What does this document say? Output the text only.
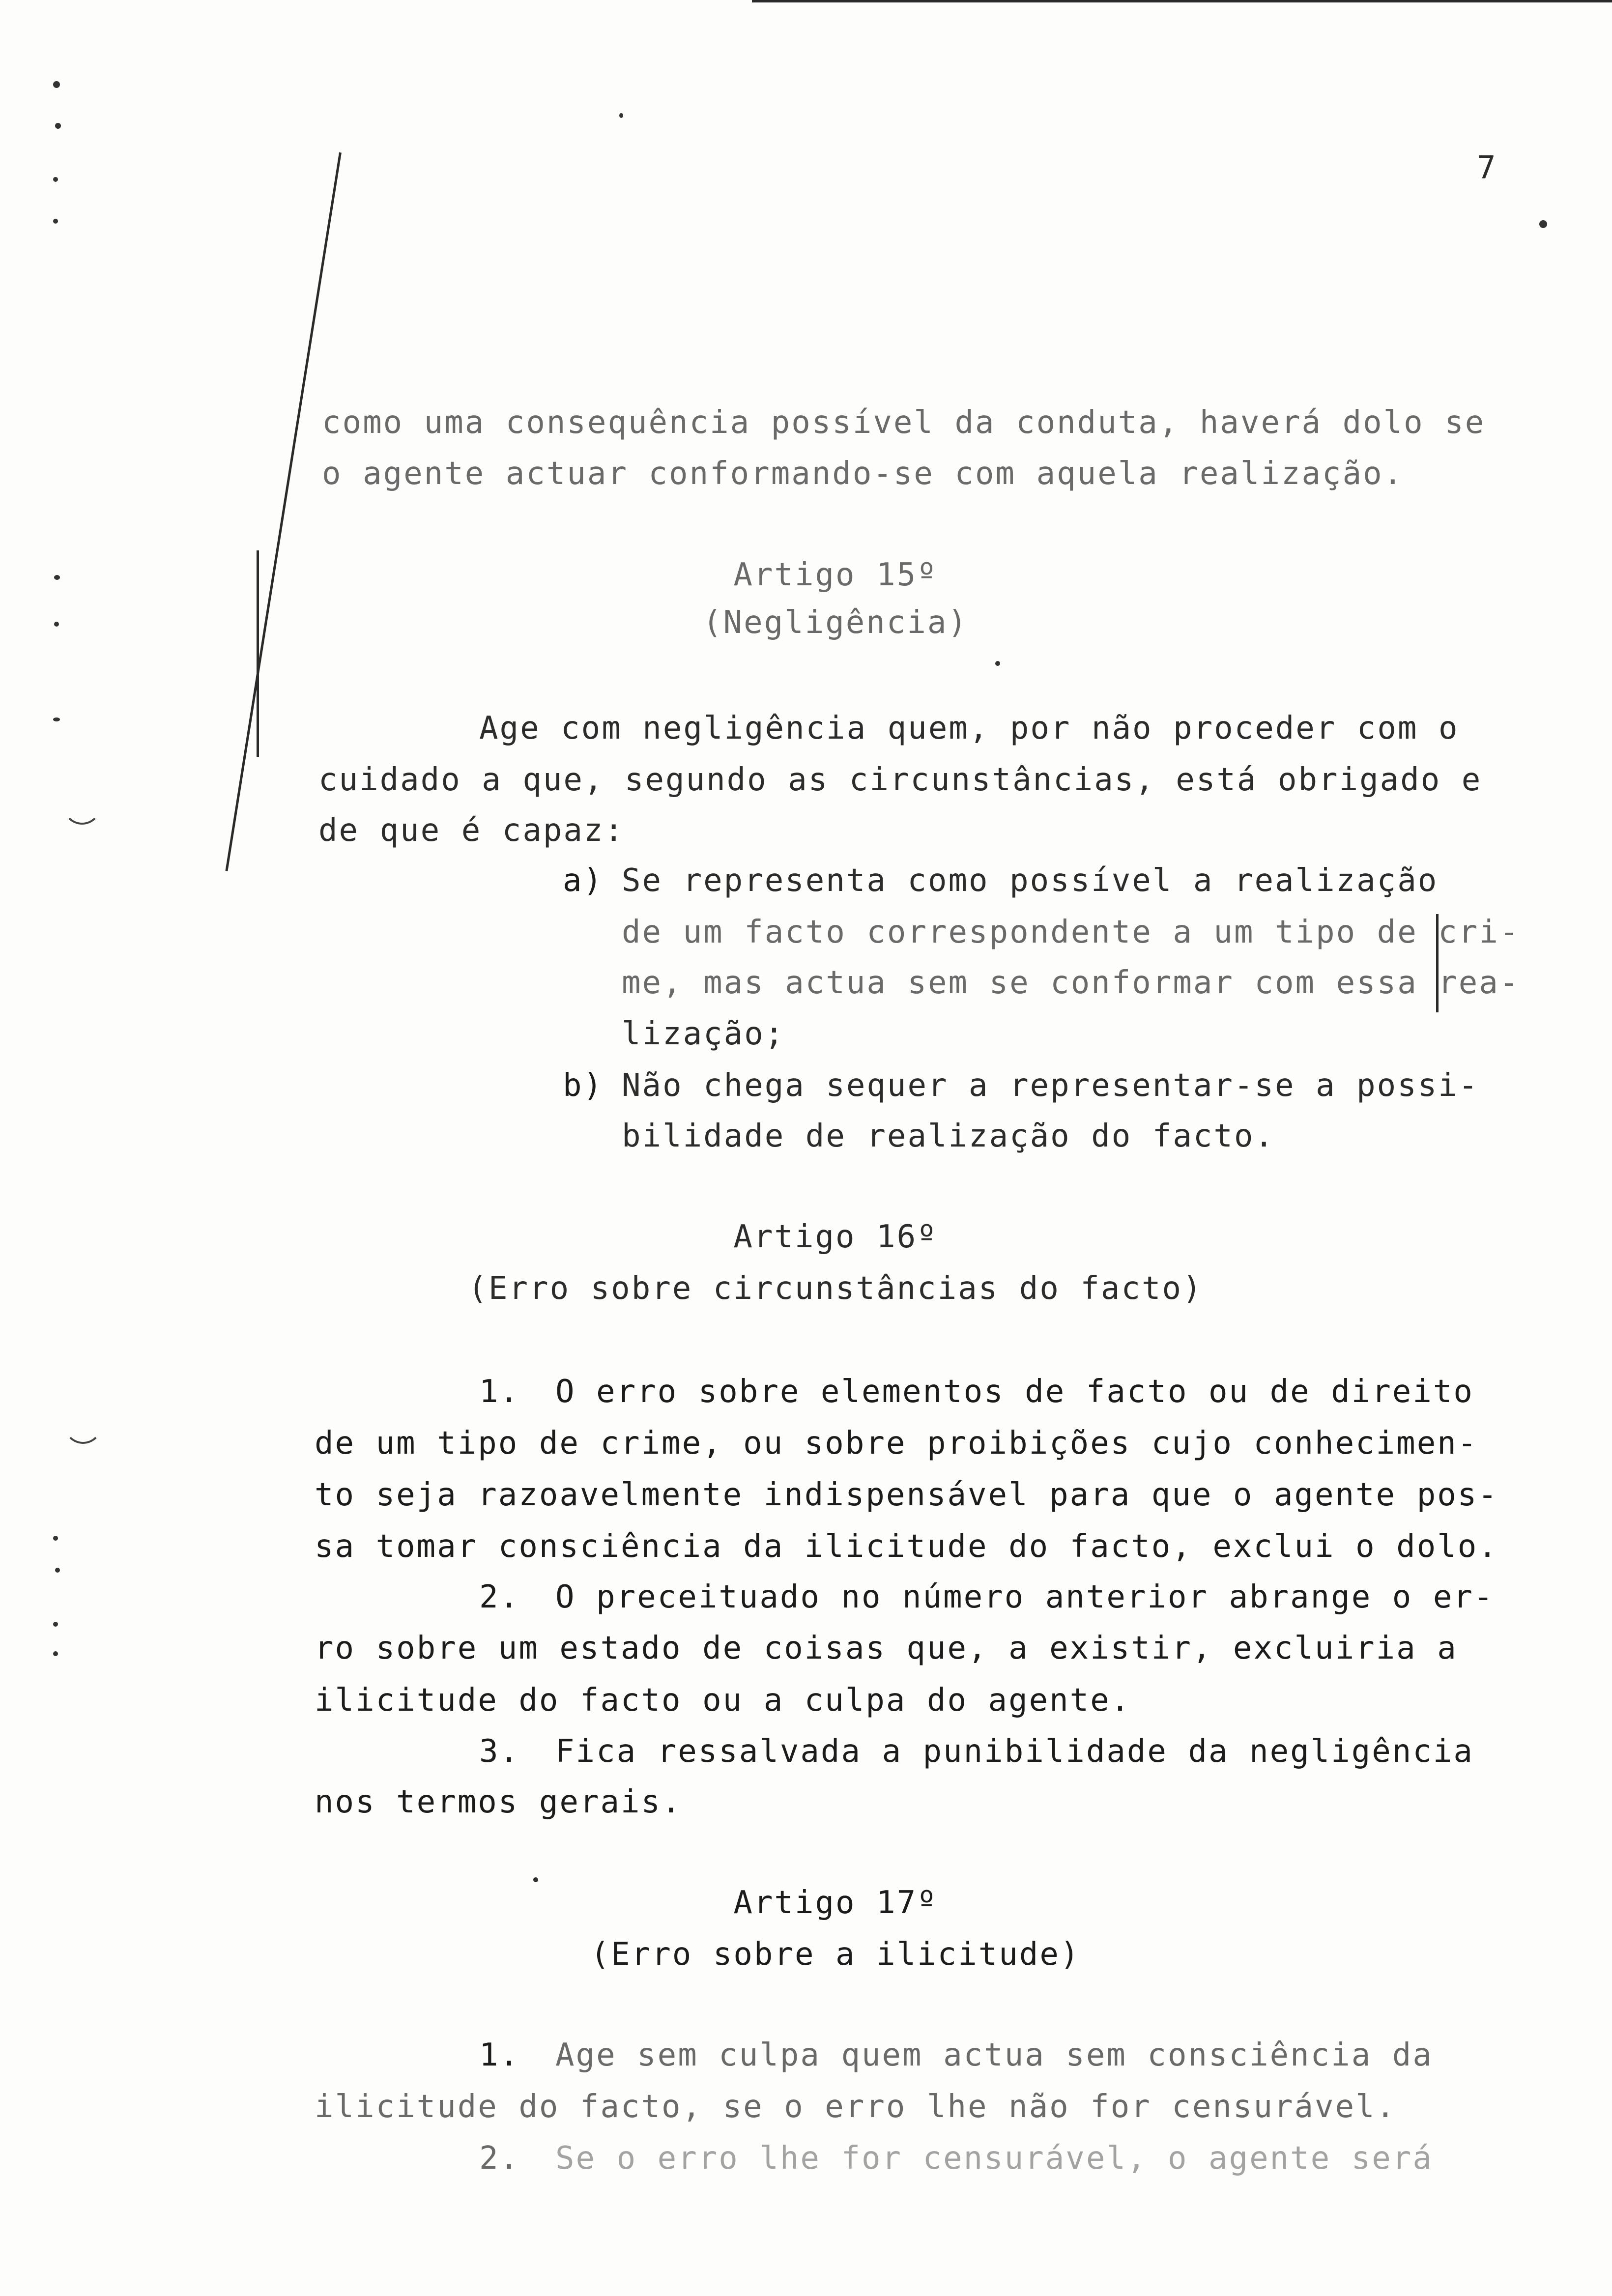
7
como uma consequência possível da conduta, haverá dolo se
o agente actuar conformando-se com aquela realização.
Artigo 15º
(Negligência)
Age com negligência quem, por não proceder com o
cuidado a que, segundo as circunstâncias, está obrigado e
de que é capaz:
a) Se representa como possível a realização
de um facto correspondente a um tipo de cri-
me, mas actua sem se conformar com essa rea-
lização;
b) Não chega sequer a representar-se a possi-
bilidade de realização do facto.
Artigo 16º
(Erro sobre circunstâncias do facto)
1. O erro sobre elementos de facto ou de direito
de um tipo de crime, ou sobre proibições cujo conhecimen-
to seja razoavelmente indispensável para que o agente pos-
sa tomar consciência da ilicitude do facto, exclui o dolo.
2. O preceituado no número anterior abrange o er-
ro sobre um estado de coisas que, a existir, excluiria a
ilicitude do facto ou a culpa do agente.
3. Fica ressalvada a punibilidade da negligência
nos termos gerais.
Artigo 17º
(Erro sobre a ilicitude)
1. Age sem culpa quem actua sem consciência da
ilicitude do facto, se o erro lhe não for censurável.
2. Se o erro lhe for censurável, o agente será
